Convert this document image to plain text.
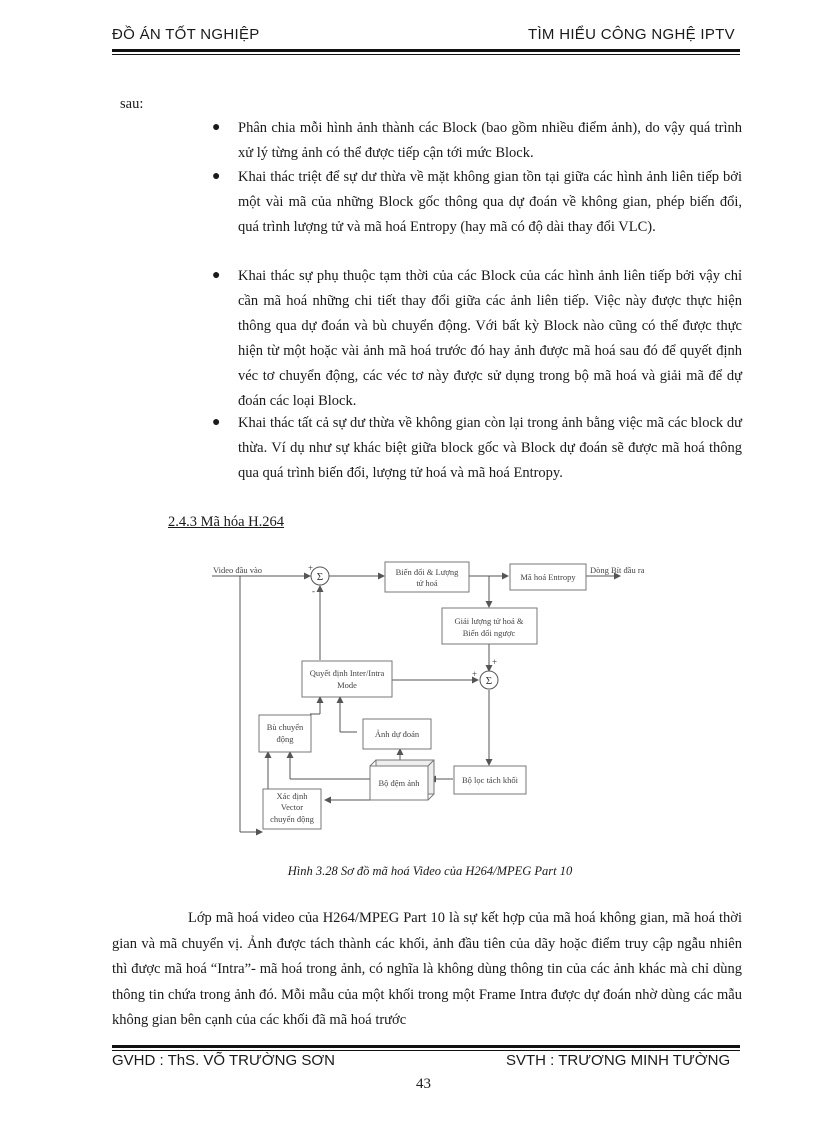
ĐỒ ÁN TỐT NGHIỆP	TÌM HIỂU CÔNG NGHỆ IPTV
sau:
● Phân chia mỗi hình ảnh thành các Block (bao gồm nhiều điểm ảnh), do vậy quá trình xử lý từng ảnh có thể được tiếp cận tới mức Block.
● Khai thác triệt để sự dư thừa về mặt không gian tồn tại giữa các hình ảnh liên tiếp bởi một vài mã của những Block gốc thông qua dự đoán về không gian, phép biến đổi, quá trình lượng tử và mã hoá Entropy (hay mã có độ dài thay đổi VLC).
● Khai thác sự phụ thuộc tạm thời của các Block của các hình ảnh liên tiếp bởi vậy chỉ cần mã hoá những chi tiết thay đổi giữa các ảnh liên tiếp. Việc này được thực hiện thông qua dự đoán và bù chuyển động. Với bất kỳ Block nào cũng có thể được thực hiện từ một hoặc vài ảnh mã hoá trước đó hay ảnh được mã hoá sau đó để quyết định véc tơ chuyển động, các véc tơ này được sử dụng trong bộ mã hoá và giải mã để dự đoán các loại Block.
● Khai thác tất cả sự dư thừa về không gian còn lại trong ảnh bằng việc mã các block dư thừa. Ví dụ như sự khác biệt giữa block gốc và Block dự đoán sẽ được mã hoá thông qua quá trình biến đổi, lượng tử hoá và mã hoá Entropy.
2.4.3 Mã hóa H.264
Σ
Σ
+
-
+
+
Video đầu vào	Biến đổi & Lượng
tử hoá
Mã hoá Entropy
Dòng Bít đầu ra
Giải lượng tử hoá &
Biến đổi ngược
Quyết định Inter/Intra
Mode
Bù chuyển
động	Ảnh dự đoán
Bộ đệm ảnh	Bộ lọc tách khối
Xác định
Vector
chuyển động
Hình 3.28 Sơ đồ mã hoá Video của H264/MPEG Part 10
Lớp mã hoá video của H264/MPEG Part 10 là sự kết hợp của mã hoá không gian, mã hoá thời gian và mã chuyển vị. Ảnh được tách thành các khối, ảnh đầu tiên của dãy hoặc điểm truy cập ngẫu nhiên thì được mã hoá “Intra”- mã hoá trong ảnh, có nghĩa là không dùng thông tin của các ảnh khác mà chỉ dùng thông tin chứa trong ảnh đó. Mỗi mẫu của một khối trong một Frame Intra được dự đoán nhờ dùng các mẫu không gian bên cạnh của các khối đã mã hoá trước
GVHD : ThS. VÕ TRƯỜNG SƠN	SVTH : TRƯƠNG MINH TƯỜNG
43
